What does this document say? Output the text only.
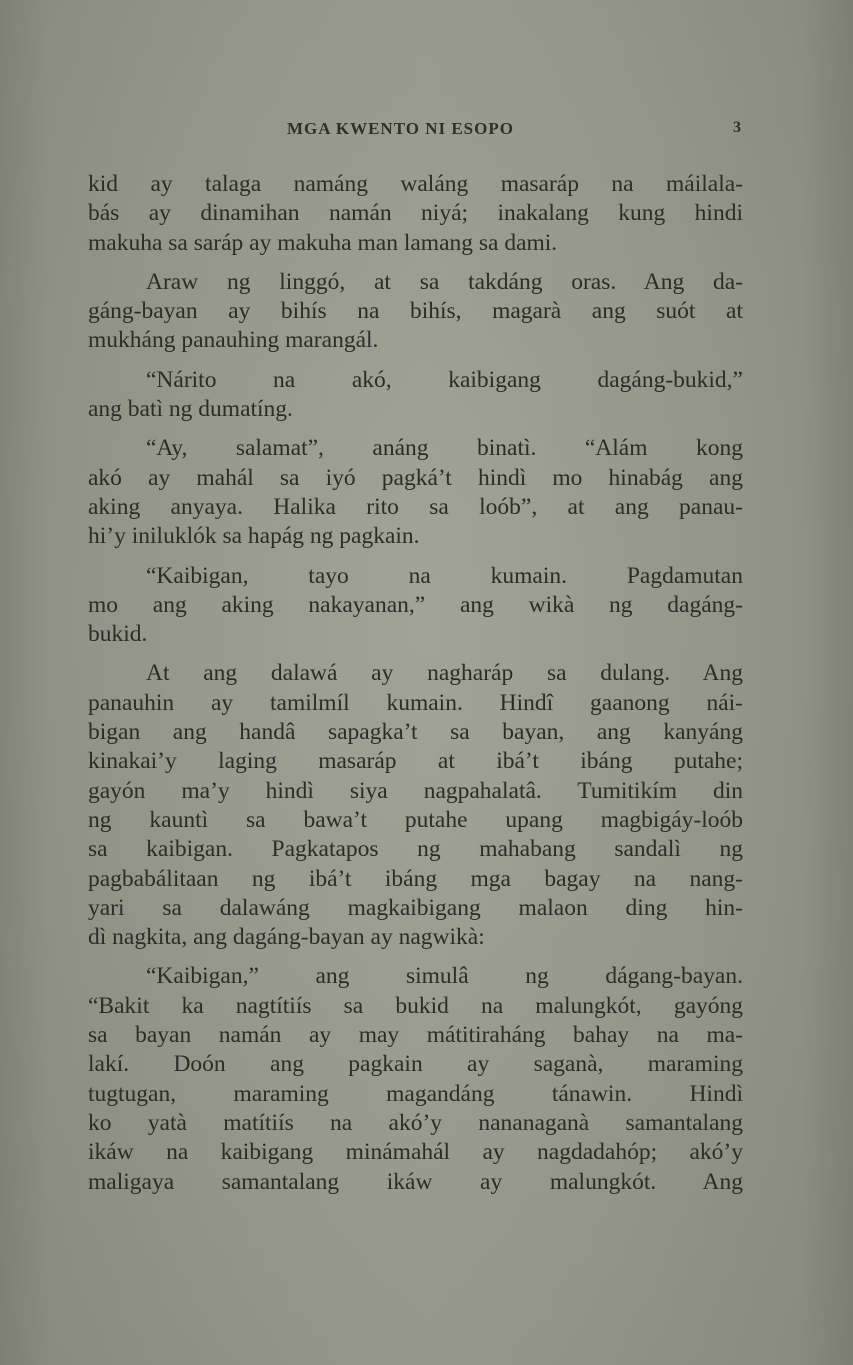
MGA KWENTO NI ESOPO	3
kid ay talaga namáng waláng masaráp na máilala-
bás ay dinamihan namán niyá; inakalang kung hindi
makuha sa saráp ay makuha man lamang sa dami.
Araw ng linggó, at sa takdáng oras. Ang da-
gáng-bayan ay bihís na bihís, magarà ang suót at
mukháng panauhing marangál.
“Nárito na akó, kaibigang dagáng-bukid,”
ang batì ng dumatíng.
“Ay, salamat”, anáng binatì. “Alám kong
akó ay mahál sa iyó pagká’t hindì mo hinabág ang
aking anyaya. Halika rito sa loób”, at ang panau-
hi’y iniluklók sa hapág ng pagkain.
“Kaibigan, tayo na kumain. Pagdamutan
mo ang aking nakayanan,” ang wikà ng dagáng-
bukid.
At ang dalawá ay nagharáp sa dulang. Ang
panauhin ay tamilmíl kumain. Hindî gaanong nái-
bigan ang handâ sapagka’t sa bayan, ang kanyáng
kinakai’y laging masaráp at ibá’t ibáng putahe;
gayón ma’y hindì siya nagpahalatâ. Tumitikím din
ng kauntì sa bawa’t putahe upang magbigáy-loób
sa kaibigan. Pagkatapos ng mahabang sandalì ng
pagbabálitaan ng ibá’t ibáng mga bagay na nang-
yari sa dalawáng magkaibigang malaon ding hin-
dì nagkita, ang dagáng-bayan ay nagwikà:
“Kaibigan,” ang simulâ ng dágang-bayan.
“Bakit ka nagtítiís sa bukid na malungkót, gayóng
sa bayan namán ay may mátitiraháng bahay na ma-
lakí. Doón ang pagkain ay saganà, maraming
tugtugan, maraming magandáng tánawin. Hindì
ko yatà matítiís na akó’y nananaganà samantalang
ikáw na kaibigang minámahál ay nagdadahóp; akó’y
maligaya samantalang ikáw ay malungkót. Ang
